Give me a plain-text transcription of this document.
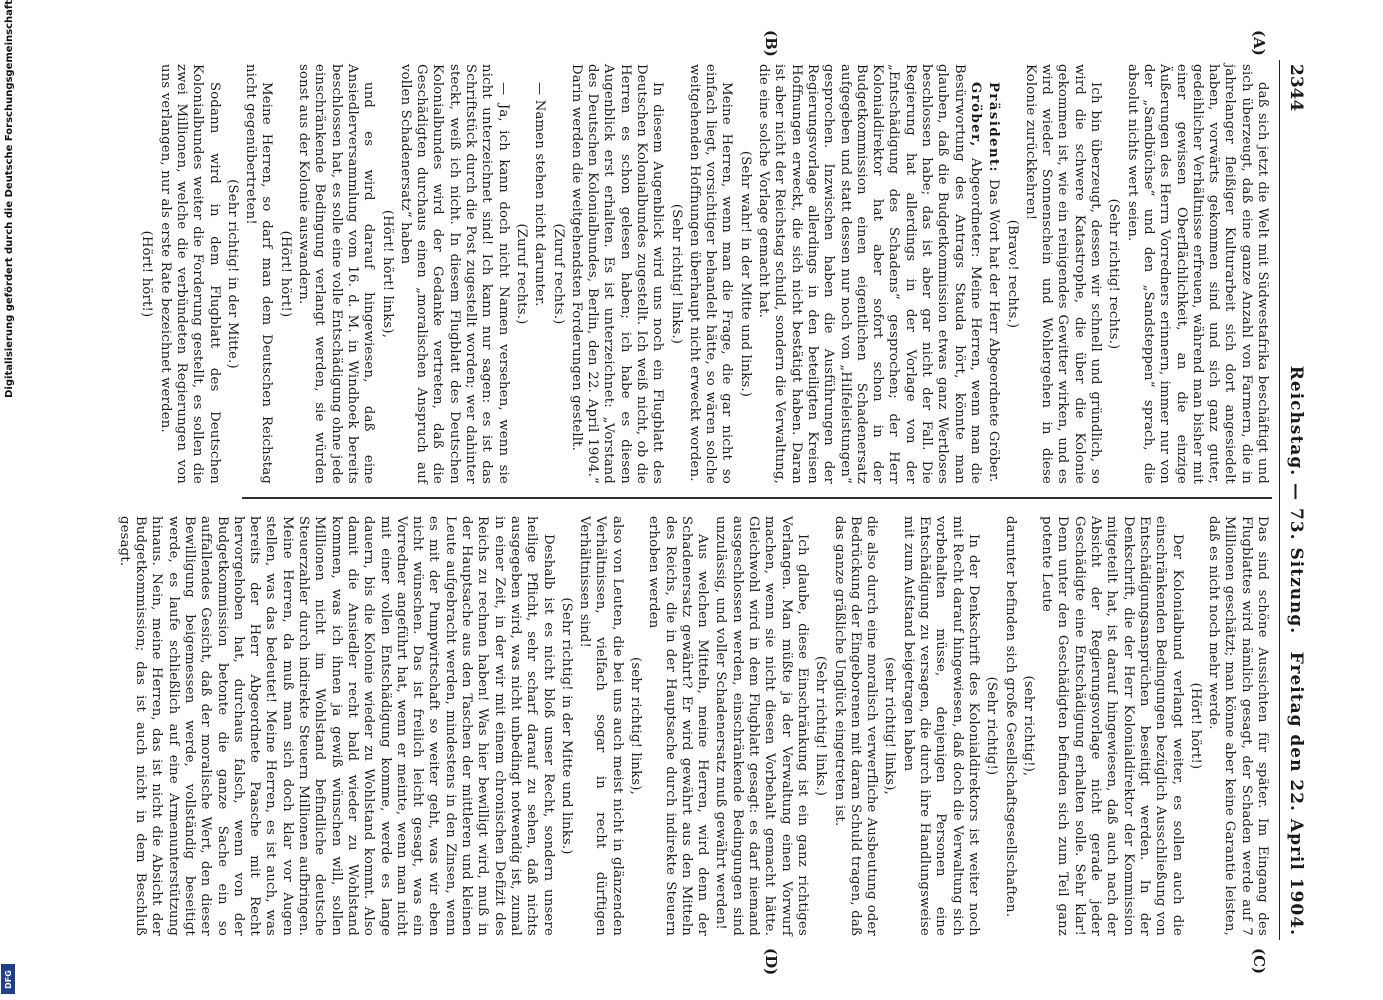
Digitalisierung gefördert durch die Deutsche Forschungsgemeinschaft
DFG
2344
Reichstag. — 73. Sitzung.
Freitag den 22. April 1904.
(A)
(B)
(C)
(D)

daß sich jetzt die Welt mit Südwestafrika beschäftigt und sich überzeugt, daß eine ganze Anzahl von Farmern, die in jahrelanger fleißiger Kulturarbeit sich dort angesiedelt haben, vorwärts gekommen sind und sich ganz guter, gedeihlicher Verhältnisse erfreuen, während man bisher mit einer gewissen Oberflächlichkeit, an die einzige Äußerungen des Herrn Vorredners erinnern, immer nur von der „Sandbüchse“ und den „Sandsteppen“ sprach, die absolut nichts wert seien.

(Sehr richtig! rechts.)

Ich bin überzeugt, dessen wir schnell und gründlich, so wird die schwere Katastrophe, die über die Kolonie gekommen ist, wie ein reinigendes Gewitter wirken, und es wird wieder Sonnenschein und Wohlergehen in diese Kolonie zurückkehren!

(Bravo! rechts.)

Präsident: Das Wort hat der Herr Abgeordnete Gröber.

Gröber, Abgeordneter: Meine Herren, wenn man die Besürwortung des Antrags Stauda hört, könnte man glauben, daß die Budgetkommission etwas ganz Wertloses beschlossen habe; das ist aber gar nicht der Fall. Die Regierung hat allerdings in der Vorlage von der „Entschädigung des Schadens“ gesprochen; der Herr Kolonialdirektor hat aber sofort schon in der Budgetkommission einen eigentlichen Schadenersatz aufgegeben und statt dessen nur noch von „Hilfeleistungen“ gesprochen. Inzwischen haben die Ausführungen der Regierungsvorlage allerdings in den beteiligten Kreisen Hoffnungen erweckt, die sich nicht bestätigt haben. Daran ist aber nicht der Reichstag schuld, sondern die Verwaltung, die eine solche Vorlage gemacht hat.

(Sehr wahr! in der Mitte und links.)

Meine Herren, wenn man die Frage, die gar nicht so einfach liegt, vorsichtiger behandelt hätte, so wären solche weitgehenden Hoffnungen überhaupt nicht erweckt worden.

(Sehr richtig! links.)

In diesem Augenblick wird uns noch ein Flugblatt des Deutschen Kolonialbundes zugestellt. Ich weiß nicht, ob die Herren es schon gelesen haben; ich habe es diesen Augenblick erst erhalten. Es ist unterzeichnet: „Vorstand des Deutschen Kolonialbundes, Berlin, den 22. April 1904.“ Darin werden die weitgehendsten Forderungen gestellt.

(Zuruf rechts.)

— Namen stehen nicht darunter.

(Zuruf rechts.)

— Ja, ich kann doch nicht Namen versehen, wenn sie nicht unterzeichnet sind! Ich kann nur sagen: es ist das Schriftstück durch die Post zugestellt worden; wer dahinter steckt, weiß ich nicht. In diesem Flugblatt des Deutschen Kolonialbundes wird der Gedanke vertreten, daß die Geschädigten durchaus einen „moralischen Anspruch auf vollen Schadenersatz“ haben

(Hört! hört! links),

und es wird darauf hingewiesen, daß eine Ansiedlerversammlung vom 16. d. M. in Windhoek bereits beschlossen hat, es solle eine volle Entschädigung ohne jede einschränkende Bedingung verlangt werden, sie würden sonst aus der Kolonie auswandern.

(Hört! hört!)

Meine Herren, so darf man dem Deutschen Reichstag nicht gegenübertreten!

(Sehr richtig! in der Mitte.)

Sodann wird in dem Flugblatt des Deutschen Kolonialbundes weiter die Forderung gestellt, es sollen die zwei Millionen, welche die verbündeten Regierungen von uns verlangen, nur als erste Rate bezeichnet werden.

(Hört! hört!)

Das sind schöne Aussichten für später. Im Eingang des Flugblattes wird nämlich gesagt, der Schaden werde auf 7 Millionen geschätzt; man könne aber keine Garantie leisten, daß es nicht noch mehr werde.

(Hört! hört!)

Der Kolonialbund verlangt weiter, es sollen auch die einschränkenden Bedingungen bezüglich Ausschließung von Entschädigungsansprüchen beseitigt werden. In der Denkschrift, die der Herr Kolonialdirektor der Kommission mitgeteilt hat, ist darauf hingewiesen, daß auch nach der Absicht der Regierungsvorlage nicht gerade jeder Geschädigte eine Entschädigung erhalten solle. Sehr klar! Denn unter den Geschädigten befinden sich zum Teil ganz potente Leute

(sehr richtig!),

darunter befinden sich große Gesellschaftsgesellschaften.

(Sehr richtig!)

In der Denkschrift des Kolonialdirektors ist weiter noch mit Recht darauf hingewiesen, daß doch die Verwaltung sich vorbehalten müsse, denjenigen Personen eine Entschädigung zu versagen, die durch ihre Handlungsweise mit zum Aufstand beigetragen haben

(sehr richtig! links),

die also durch eine moralisch verwerfliche Ausbeutung oder Bedrückung der Eingeborenen mit daran Schuld tragen, daß das ganze gräßliche Unglück eingetreten ist.

(Sehr richtig! links.)

Ich glaube, diese Einschränkung ist ein ganz richtiges Verlangen. Man müßte ja der Verwaltung einen Vorwurf machen, wenn sie nicht diesen Vorbehalt gemacht hätte. Gleichwohl wird in dem Flugblatt gesagt: es darf niemand ausgeschlossen werden, einschränkende Bedingungen sind unzulässig, und voller Schadenersatz muß gewährt werden!

Aus welchen Mitteln, meine Herren, wird denn der Schadenersatz gewährt? Er wird gewährt aus den Mitteln des Reichs, die in der Hauptsache durch indirekte Steuern erhoben werden

(sehr richtig! links),

also von Leuten, die bei uns auch meist nicht in glänzenden Verhältnissen, vielfach sogar in recht dürftigen Verhältnissen sind!

(Sehr richtig! in der Mitte und links.)

Deshalb ist es nicht bloß unser Recht, sondern unsere heilige Pflicht, sehr scharf darauf zu sehen, daß nichts ausgegeben wird, was nicht unbedingt notwendig ist, zumal in einer Zeit, in der wir mit einem chronischen Defizit des Reichs zu rechnen haben! Was hier bewilligt wird, muß in der Hauptsache aus den Taschen der mittleren und kleinen Leute aufgebracht werden, mindestens in den Zinsen, wenn es mit der Pumpwirtschaft so weiter geht, was wir eben nicht wünschen. Das ist freilich leicht gesagt, was ein Vorredner angeführt hat, wenn er meinte, wenn man nicht mit einer vollen Entschädigung komme, werde es lange dauern, bis die Kolonie wieder zu Wohlstand kommt. Also damit die Ansiedler recht bald wieder zu Wohlstand kommen, was ich ihnen ja gewiß wünschen will, sollen Millionen nicht im Wohlstand befindliche deutsche Steuerzahler durch indirekte Steuern Millionen aufbringen. Meine Herren, da muß man sich doch klar vor Augen stellen, was das bedeutet! Meine Herren, es ist auch, was bereits der Herr Abgeordnete Paasche mit Recht hervorgehoben hat, durchaus falsch, wenn von der Budgetkommission betonte die ganze Sache ein so auffallendes Gesicht, daß der moralische Wert, den dieser Bewilligung beigemessen werde, vollständig beseitigt werde, es laufe schließlich auf eine Armenunterstützung hinaus. Nein, meine Herren, das ist nicht die Absicht der Budgetkommission; das ist auch nicht in dem Beschluß gesagt.
